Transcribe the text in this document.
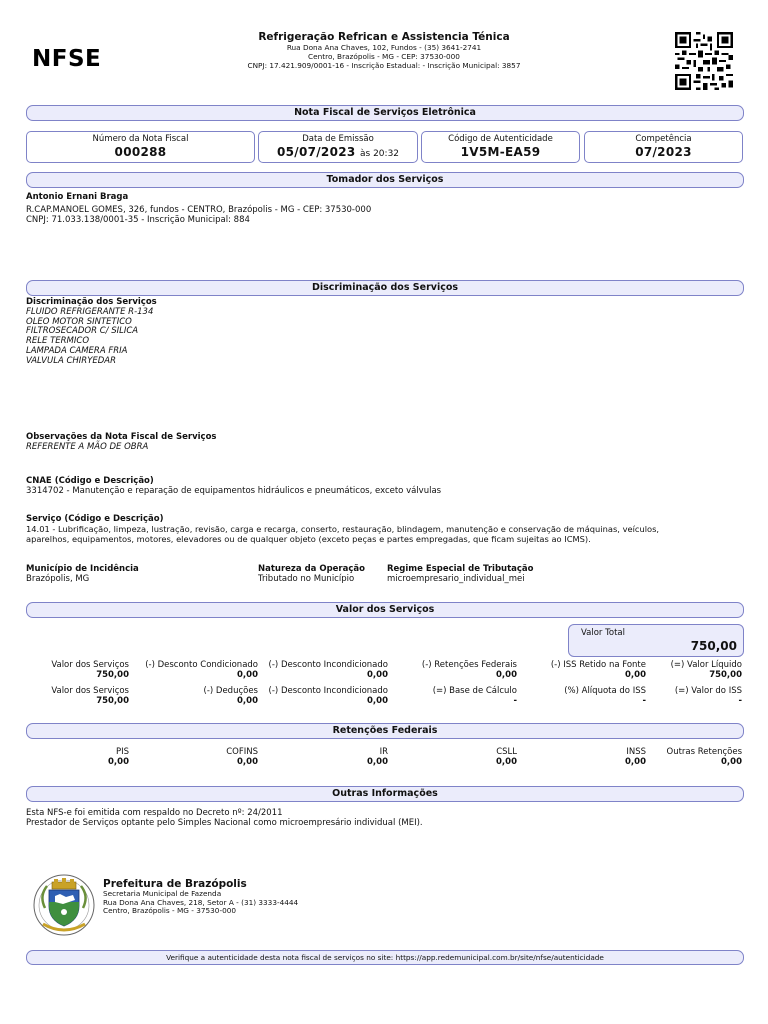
NFSE
Refrigeração Refrican e Assistencia Ténica
Rua Dona Ana Chaves, 102, Fundos - (35) 3641-2741
Centro, Brazópolis - MG - CEP: 37530-000
CNPJ: 17.421.909/0001-16 - Inscrição Estadual: - Inscrição Municipal: 3857
Nota Fiscal de Serviços Eletrônica
Número da Nota Fiscal
000288
Data de Emissão
05/07/2023 às 20:32
Código de Autenticidade
1V5M-EA59
Competência
07/2023
Tomador dos Serviços
Antonio Ernani Braga
R.CAP.MANOEL GOMES, 326, fundos - CENTRO, Brazópolis - MG - CEP: 37530-000
CNPJ: 71.033.138/0001-35 - Inscrição Municipal: 884
Discriminação dos Serviços
Discriminação dos Serviços
FLUIDO REFRIGERANTE R-134
OLEO MOTOR SINTETICO
FILTROSECADOR C/ SILICA
RELE TERMICO
LAMPADA CAMERA FRIA
VALVULA CHIRYEDAR
Observações da Nota Fiscal de Serviços
REFERENTE A MÃO DE OBRA
CNAE (Código e Descrição)
3314702 - Manutenção e reparação de equipamentos hidráulicos e pneumáticos, exceto válvulas
Serviço (Código e Descrição)
14.01 - Lubrificação, limpeza, lustração, revisão, carga e recarga, conserto, restauração, blindagem, manutenção e conservação de máquinas, veículos,
aparelhos, equipamentos, motores, elevadores ou de qualquer objeto (exceto peças e partes empregadas, que ficam sujeitas ao ICMS).
Município de Incidência
Brazópolis, MG
Natureza da Operação
Tributado no Município
Regime Especial de Tributação
microempresario_individual_mei
Valor dos Serviços
Valor Total
750,00
Valor dos Serviços
750,00
(-) Desconto Condicionado
0,00
(-) Desconto Incondicionado
0,00
(-) Retenções Federais
0,00
(-) ISS Retido na Fonte
0,00
(=) Valor Líquido
750,00
Valor dos Serviços
750,00
(-) Deduções
0,00
(-) Desconto Incondicionado
0,00
(=) Base de Cálculo
-
(%) Alíquota do ISS
-
(=) Valor do ISS
-
Retenções Federais
PIS
0,00
COFINS
0,00
IR
0,00
CSLL
0,00
INSS
0,00
Outras Retenções
0,00
Outras Informações
Esta NFS-e foi emitida com respaldo no Decreto nº: 24/2011
Prestador de Serviços optante pelo Simples Nacional como microempresário individual (MEI).
Prefeitura de Brazópolis
Secretaria Municipal de Fazenda
Rua Dona Ana Chaves, 218, Setor A - (31) 3333-4444
Centro, Brazópolis - MG - 37530-000
Verifique a autenticidade desta nota fiscal de serviços no site: https://app.redemunicipal.com.br/site/nfse/autenticidade
